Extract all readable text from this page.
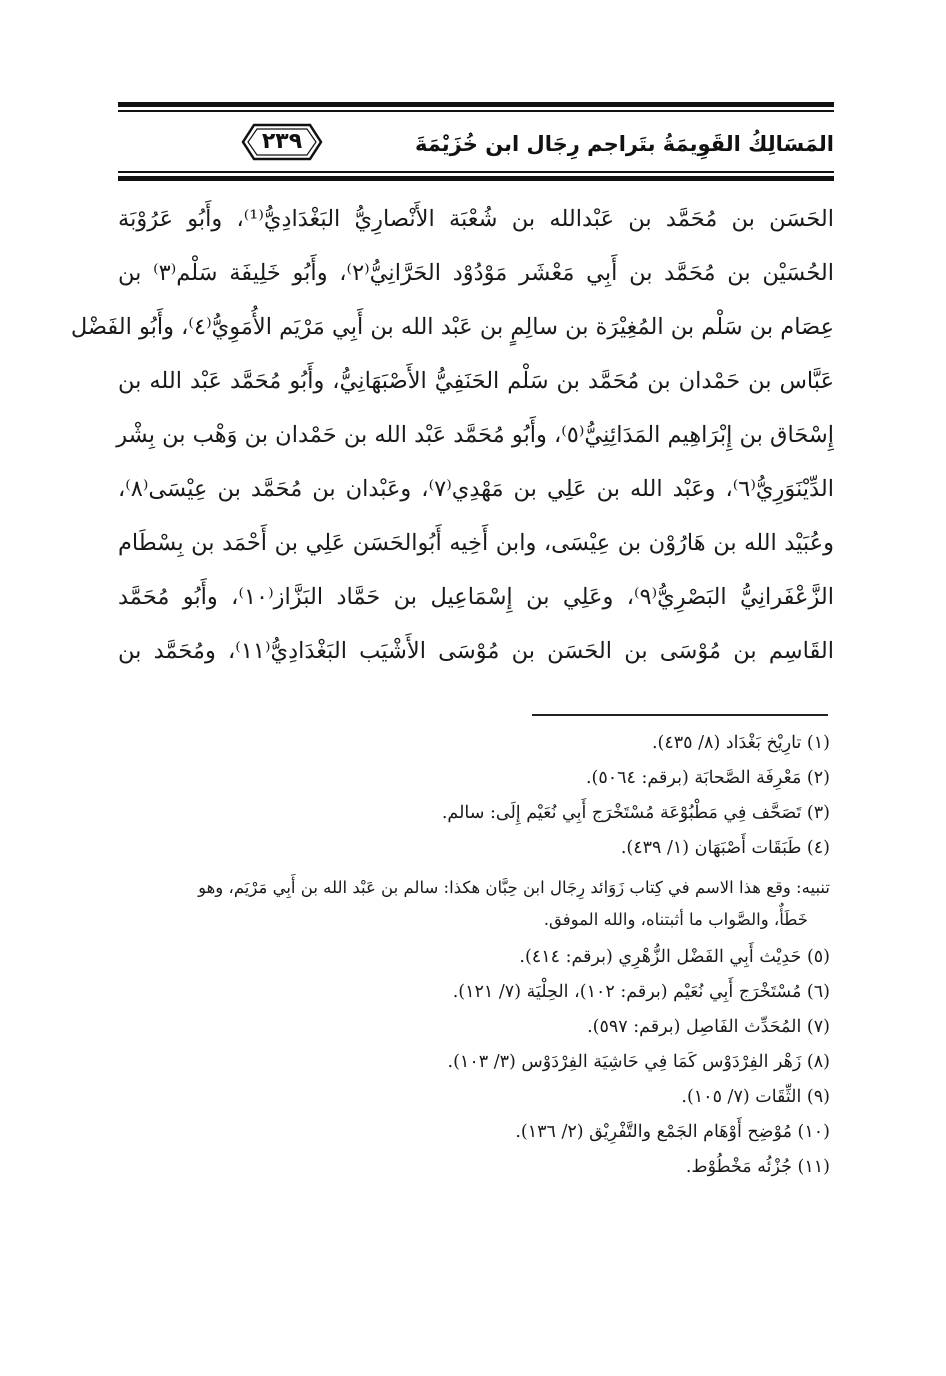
٢٣٩	المَسَالِكُ القَوِيمَةُ بتَراجم رِجَال ابن خُزَيْمَةَ
الحَسَن بن مُحَمَّد بن عَبْدالله بن شُعْبَة الأَنْصارِيُّ البَغْدَادِيُّ⁽¹⁾، وأَبُو عَرُوْبَة
الحُسَيْن بن مُحَمَّد بن أَبِي مَعْشَر مَوْدُوْد الحَرَّانِيُّ⁽٢⁾، وأَبُو خَلِيفَة سَلْم⁽٣⁾ بن
عِصَام بن سَلْم بن المُغِيْرَة بن سالِمٍ بن عَبْد الله بن أَبِي مَرْيَم الأُمَوِيُّ⁽٤⁾، وأَبُو الفَضْل
عَبَّاس بن حَمْدان بن مُحَمَّد بن سَلْم الحَنَفِيُّ الأَصْبَهَانِيُّ، وأَبُو مُحَمَّد عَبْد الله بن
إِسْحَاق بن إِبْرَاهِيم المَدَائِنِيُّ⁽٥⁾، وأَبُو مُحَمَّد عَبْد الله بن حَمْدان بن وَهْب بن بِشْر
الدِّيْنَوَرِيُّ⁽٦⁾، وعَبْد الله بن عَلِي بن مَهْدِي⁽٧⁾، وعَبْدان بن مُحَمَّد بن عِيْسَى⁽٨⁾،
وعُبَيْد الله بن هَارُوْن بن عِيْسَى، وابن أَخِيه أَبُوالحَسَن عَلِي بن أَحْمَد بن بِسْطَام
الزَّعْفَرانِيُّ البَصْرِيُّ⁽٩⁾، وعَلِي بن إِسْمَاعِيل بن حَمَّاد البَزَّاز⁽١٠⁾، وأَبُو مُحَمَّد
القَاسِم بن مُوْسَى بن الحَسَن بن مُوْسَى الأَشْيَب البَغْدَادِيُّ⁽١١⁾، ومُحَمَّد بن
(١) تارِيْخ بَغْدَاد (٨/ ٤٣٥).
(٢) مَعْرِفَة الصَّحابَة (برقم: ٥٠٦٤).
(٣) تَصَحَّف فِي مَطْبُوْعَة مُسْتَخْرَج أَبِي نُعَيْم إِلَى: سالم.
(٤) طَبَقَات أَصْبَهَان (١/ ٤٣٩).
تنبيه: وقع هذا الاسم في كِتاب زَوَائد رِجَال ابن حِبَّان هكذا: سالم بن عَبْد الله بن أَبِي مَرْيَم، وهو
خَطَأٌ، والصَّواب ما أثبتناه، والله الموفق.
(٥) حَدِيْث أَبِي الفَضْل الزُّهْرِي (برقم: ٤١٤).
(٦) مُسْتَخْرَج أَبِي نُعَيْم (برقم: ١٠٢)، الحِلْيَة (٧/ ١٢١).
(٧) المُحَدِّث الفَاصِل (برقم: ٥٩٧).
(٨) زَهْر الفِرْدَوْس كَمَا فِي حَاشِيَة الفِرْدَوْس (٣/ ١٠٣).
(٩) الثِّقَات (٧/ ١٠٥).
(١٠) مُوْضِح أَوْهَام الجَمْع والتَّفْرِيْق (٢/ ١٣٦).
(١١) جُزْئُه مَخْطُوْط.
